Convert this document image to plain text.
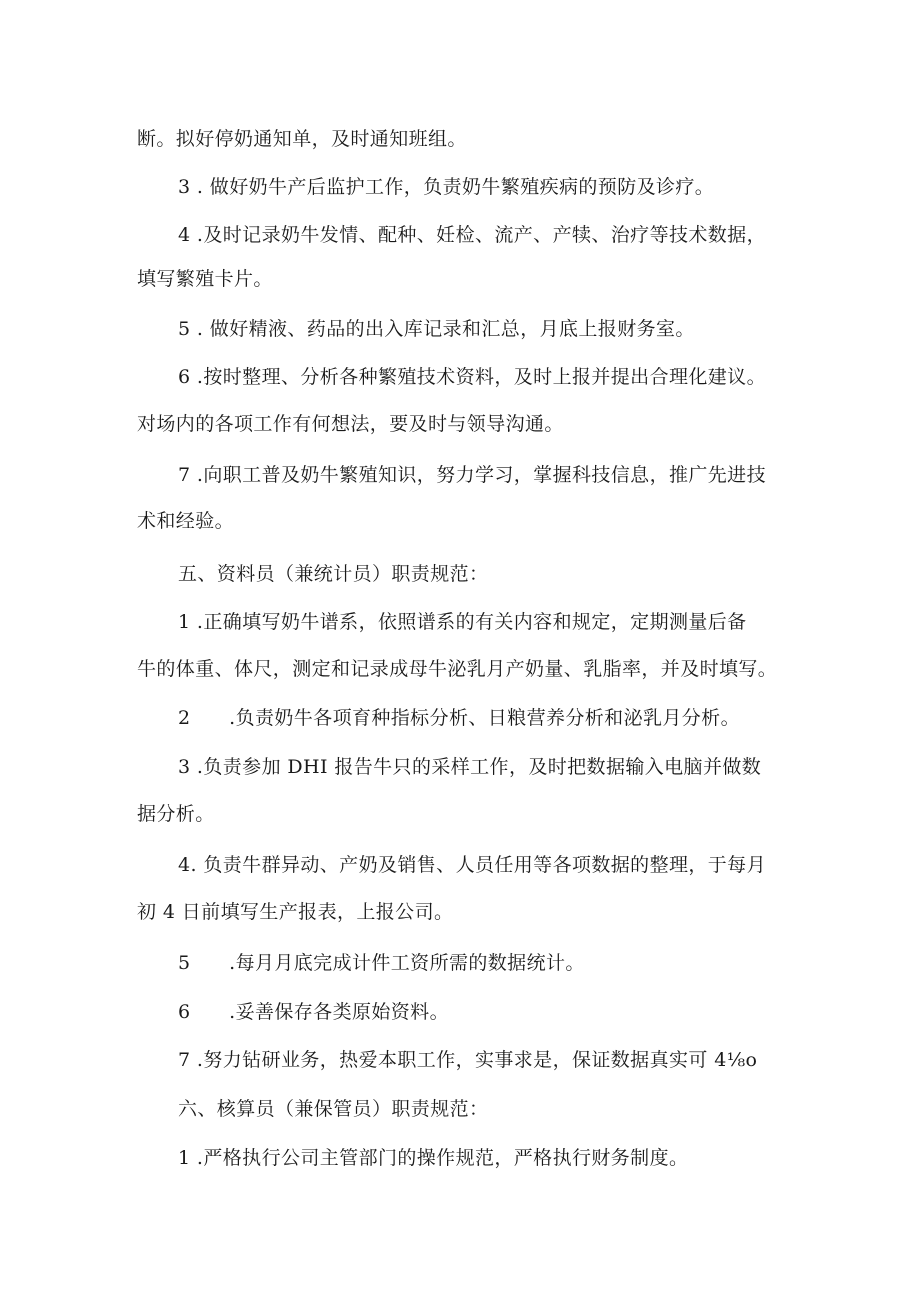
断。拟好停奶通知单，及时通知班组。
3 . 做好奶牛产后监护工作，负责奶牛繁殖疾病的预防及诊疗。
4 .及时记录奶牛发情、配种、妊检、流产、产犊、治疗等技术数据，
填写繁殖卡片。
5 . 做好精液、药品的出入库记录和汇总，月底上报财务室。
6 .按时整理、分析各种繁殖技术资料，及时上报并提出合理化建议。
对场内的各项工作有何想法，要及时与领导沟通。
7 .向职工普及奶牛繁殖知识，努力学习，掌握科技信息，推广先进技
术和经验。
五、资料员（兼统计员）职责规范：
1 .正确填写奶牛谱系，依照谱系的有关内容和规定，定期测量后备
牛的体重、体尺，测定和记录成母牛泌乳月产奶量、乳脂率，并及时填写。
2      .负责奶牛各项育种指标分析、日粮营养分析和泌乳月分析。
3 .负责参加 DHI 报告牛只的采样工作，及时把数据输入电脑并做数
据分析。
4. 负责牛群异动、产奶及销售、人员任用等各项数据的整理，于每月
初 4 日前填写生产报表，上报公司。
5      .每月月底完成计件工资所需的数据统计。
6      .妥善保存各类原始资料。
7 .努力钻研业务，热爱本职工作，实事求是，保证数据真实可 4⅛o
六、核算员（兼保管员）职责规范：
1 .严格执行公司主管部门的操作规范，严格执行财务制度。
